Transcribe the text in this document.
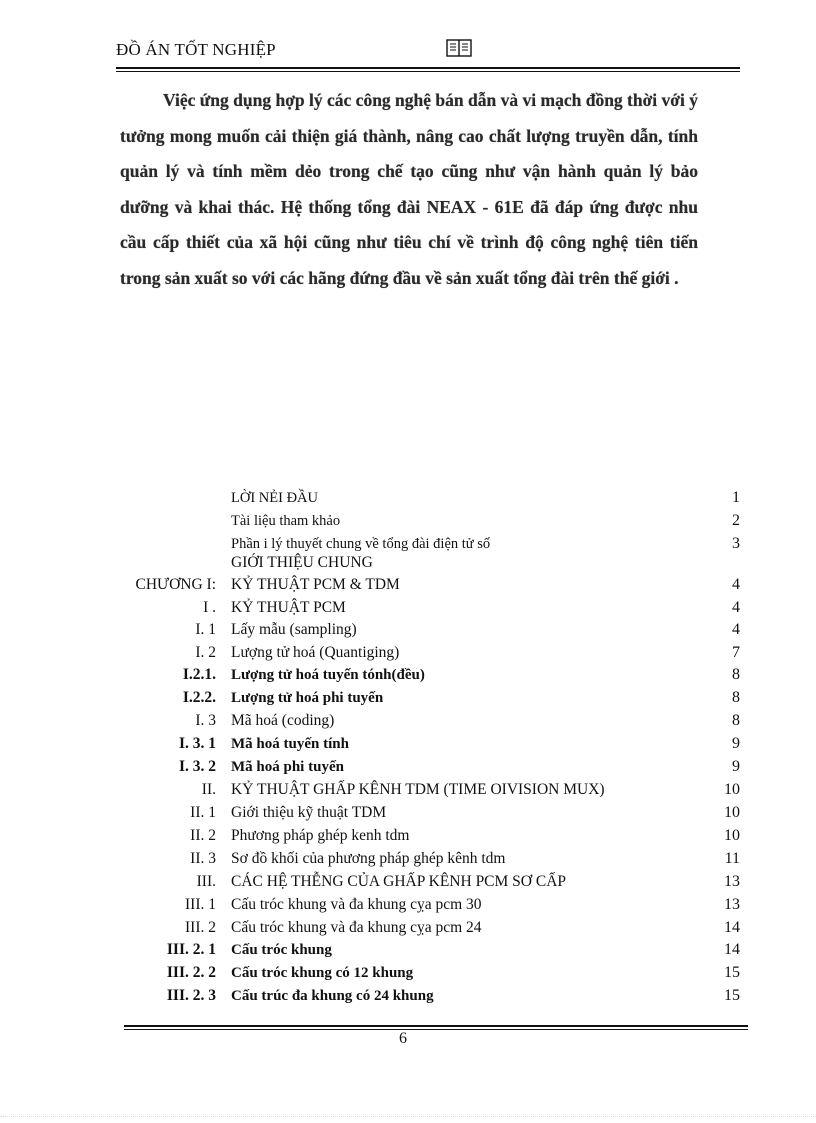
ĐỒ ÁN TỐT NGHIỆP

Việc ứng dụng hợp lý các công nghệ bán dẫn và vi mạch đồng thời với ý tưởng mong muốn cải thiện giá thành, nâng cao chất lượng truyền dẫn, tính quản lý và tính mềm dẻo trong chế tạo cũng như vận hành quản lý bảo dưỡng và khai thác. Hệ thống tổng đài NEAX - 61E đã đáp ứng được nhu cầu cấp thiết của xã hội cũng như tiêu chí về trình độ công nghệ tiên tiến trong sản xuất so với các hãng đứng đầu về sản xuất tổng đài trên thế giới .

LỜI NẺI ĐẦU	1
Tài liệu tham khảo	2
Phần i lý thuyết chung về tổng đài điện tử số	3
GIỚI THIỆU CHUNG
CHƯƠNG I: KỶ THUẬT PCM & TDM	4
I . KỶ THUẬT PCM	4
I. 1 Lấy mẫu (sampling)	4
I. 2 Lượng tử hoá (Quantiging)	7
I.2.1. Lượng tử hoá tuyến tónh(đều)	8
I.2.2. Lượng tử hoá phi tuyến	8
I. 3 Mã hoá (coding)	8
I. 3. 1 Mã hoá tuyến tính	9
I. 3. 2 Mã hoá phi tuyến	9
II. KỶ THUẬT GHẤP KÊNH TDM (TIME OIVISION MUX)	10
II. 1 Giới thiệu kỹ thuật TDM	10
II. 2 Phương pháp ghép kenh tdm	10
II. 3 Sơ đồ khối của phương pháp ghép kênh tdm	11
III. CÁC HỆ THỄNG CỦA GHẤP KÊNH PCM SƠ CẤP	13
III. 1 Cấu tróc khung và đa khung cỵa pcm 30	13
III. 2 Cấu tróc khung và đa khung cỵa pcm 24	14
III. 2. 1 Cấu tróc khung	14
III. 2. 2 Cấu tróc khung có 12 khung	15
III. 2. 3 Cấu trúc đa khung có 24 khung	15
6
